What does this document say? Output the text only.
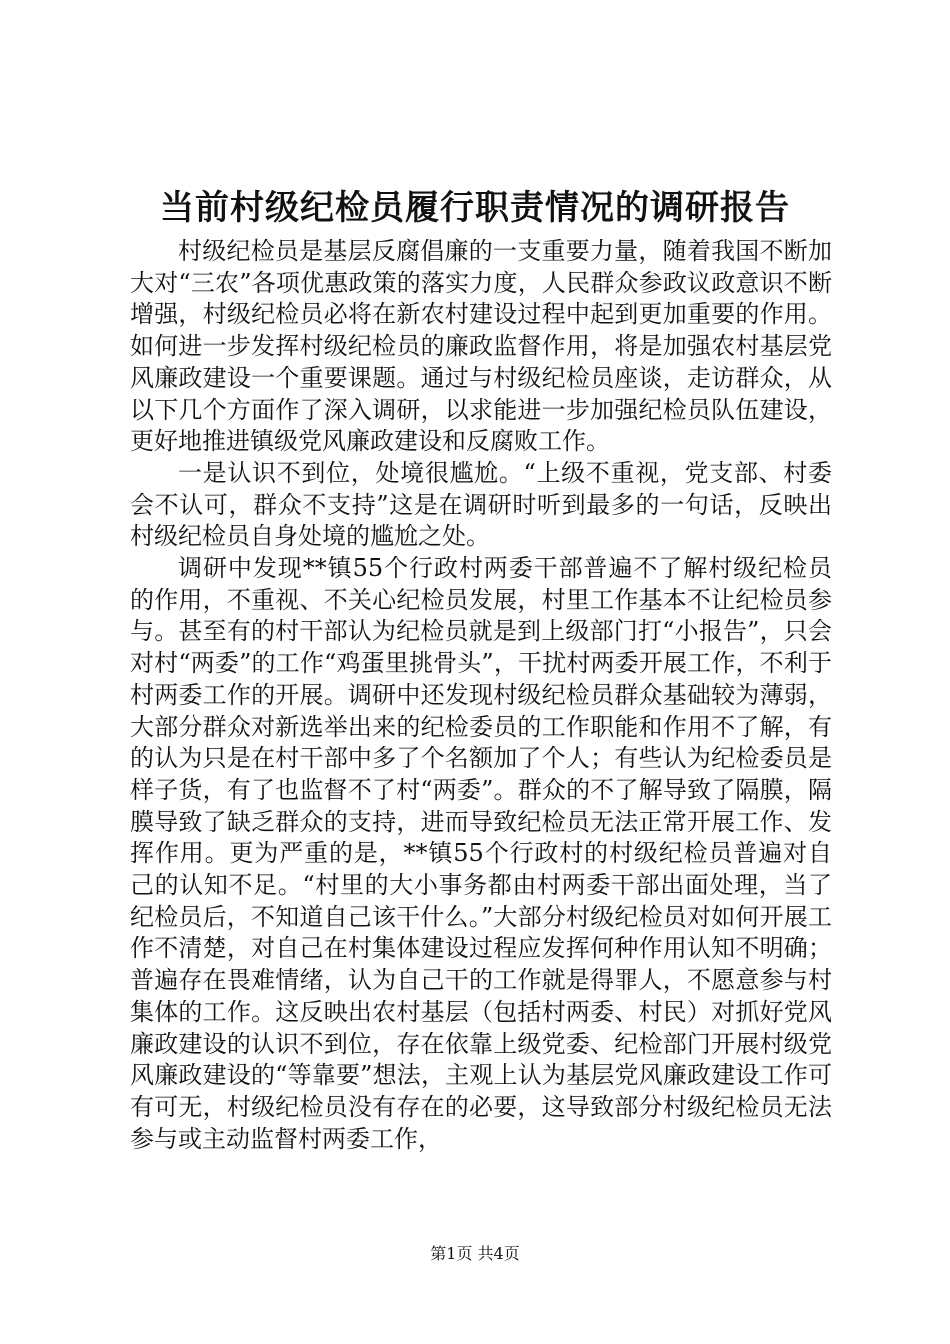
当前村级纪检员履行职责情况的调研报告

村级纪检员是基层反腐倡廉的一支重要力量，随着我国不断加大对“三农”各项优惠政策的落实力度，人民群众参政议政意识不断增强，村级纪检员必将在新农村建设过程中起到更加重要的作用。如何进一步发挥村级纪检员的廉政监督作用，将是加强农村基层党风廉政建设一个重要课题。通过与村级纪检员座谈，走访群众，从以下几个方面作了深入调研，以求能进一步加强纪检员队伍建设，更好地推进镇级党风廉政建设和反腐败工作。

一是认识不到位，处境很尴尬。“上级不重视，党支部、村委会不认可，群众不支持”这是在调研时听到最多的一句话，反映出村级纪检员自身处境的尴尬之处。

调研中发现**镇55个行政村两委干部普遍不了解村级纪检员的作用，不重视、不关心纪检员发展，村里工作基本不让纪检员参与。甚至有的村干部认为纪检员就是到上级部门打“小报告”，只会对村“两委”的工作“鸡蛋里挑骨头”，干扰村两委开展工作，不利于村两委工作的开展。调研中还发现村级纪检员群众基础较为薄弱，大部分群众对新选举出来的纪检委员的工作职能和作用不了解，有的认为只是在村干部中多了个名额加了个人；有些认为纪检委员是样子货，有了也监督不了村“两委”。群众的不了解导致了隔膜，隔膜导致了缺乏群众的支持，进而导致纪检员无法正常开展工作、发挥作用。更为严重的是，**镇55个行政村的村级纪检员普遍对自己的认知不足。“村里的大小事务都由村两委干部出面处理，当了纪检员后，不知道自己该干什么。”大部分村级纪检员对如何开展工作不清楚，对自己在村集体建设过程应发挥何种作用认知不明确；普遍存在畏难情绪，认为自己干的工作就是得罪人，不愿意参与村集体的工作。这反映出农村基层（包括村两委、村民）对抓好党风廉政建设的认识不到位，存在依靠上级党委、纪检部门开展村级党风廉政建设的“等靠要”想法，主观上认为基层党风廉政建设工作可有可无，村级纪检员没有存在的必要，这导致部分村级纪检员无法参与或主动监督村两委工作，

第1页 共4页
